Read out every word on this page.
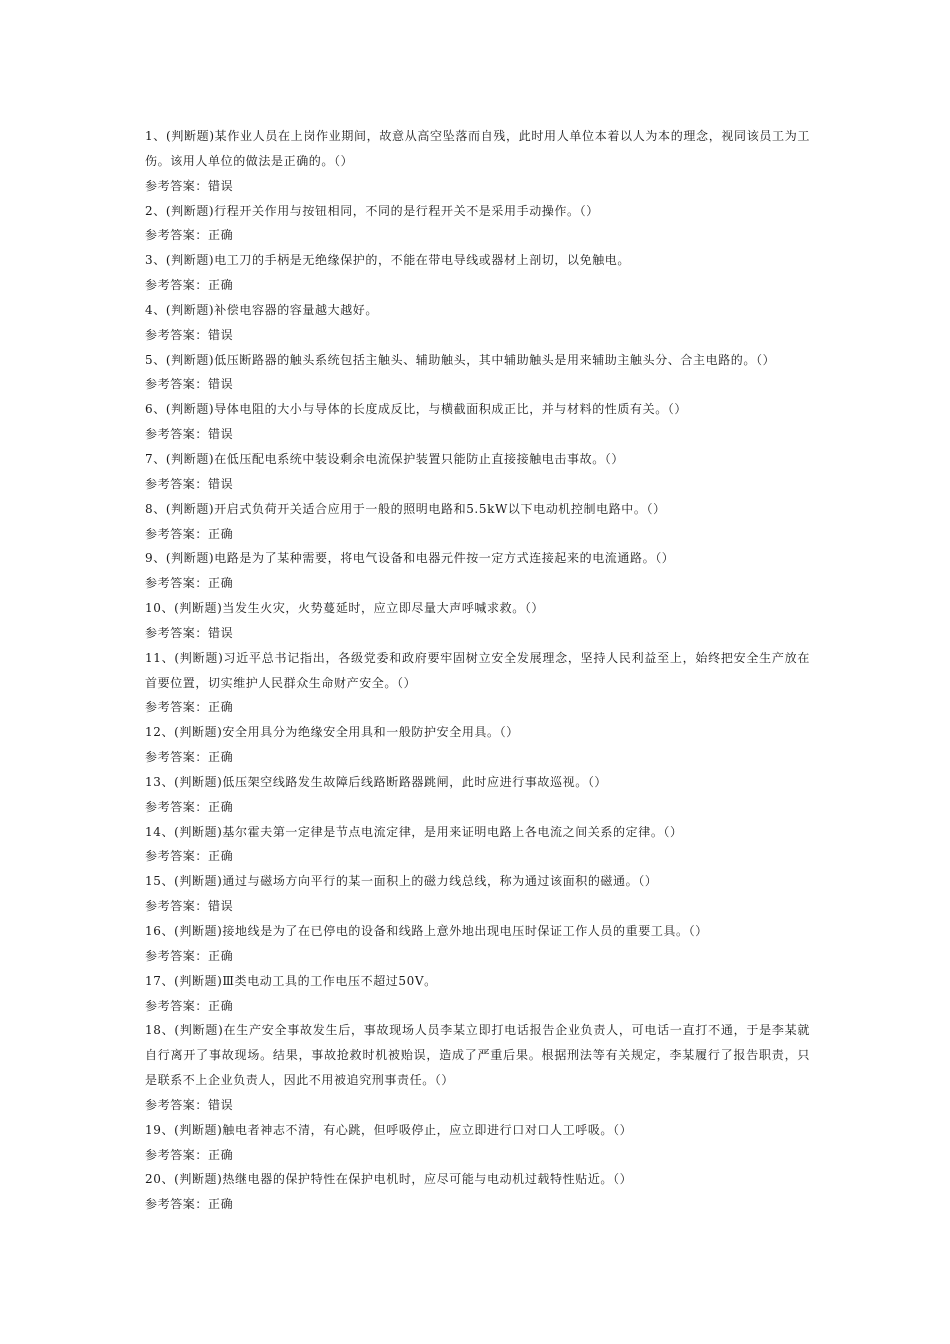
1、(判断题)某作业人员在上岗作业期间，故意从高空坠落而自残，此时用人单位本着以人为本的理念，视同该员工为工伤。该用人单位的做法是正确的。（）

参考答案：错误

2、(判断题)行程开关作用与按钮相同，不同的是行程开关不是采用手动操作。（）

参考答案：正确

3、(判断题)电工刀的手柄是无绝缘保护的，不能在带电导线或器材上剖切，以免触电。

参考答案：正确

4、(判断题)补偿电容器的容量越大越好。

参考答案：错误

5、(判断题)低压断路器的触头系统包括主触头、辅助触头，其中辅助触头是用来辅助主触头分、合主电路的。（）

参考答案：错误

6、(判断题)导体电阻的大小与导体的长度成反比，与横截面积成正比，并与材料的性质有关。（）

参考答案：错误

7、(判断题)在低压配电系统中装设剩余电流保护装置只能防止直接接触电击事故。（）

参考答案：错误

8、(判断题)开启式负荷开关适合应用于一般的照明电路和5.5kW以下电动机控制电路中。（）

参考答案：正确

9、(判断题)电路是为了某种需要，将电气设备和电器元件按一定方式连接起来的电流通路。（）

参考答案：正确

10、(判断题)当发生火灾，火势蔓延时，应立即尽量大声呼喊求救。（）

参考答案：错误

11、(判断题)习近平总书记指出，各级党委和政府要牢固树立安全发展理念，坚持人民利益至上，始终把安全生产放在首要位置，切实维护人民群众生命财产安全。（）

参考答案：正确

12、(判断题)安全用具分为绝缘安全用具和一般防护安全用具。（）

参考答案：正确

13、(判断题)低压架空线路发生故障后线路断路器跳闸，此时应进行事故巡视。（）

参考答案：正确

14、(判断题)基尔霍夫第一定律是节点电流定律，是用来证明电路上各电流之间关系的定律。（）

参考答案：正确

15、(判断题)通过与磁场方向平行的某一面积上的磁力线总线，称为通过该面积的磁通。（）

参考答案：错误

16、(判断题)接地线是为了在已停电的设备和线路上意外地出现电压时保证工作人员的重要工具。（）

参考答案：正确

17、(判断题)Ⅲ类电动工具的工作电压不超过50V。

参考答案：正确

18、(判断题)在生产安全事故发生后，事故现场人员李某立即打电话报告企业负责人，可电话一直打不通，于是李某就自行离开了事故现场。结果，事故抢救时机被贻误，造成了严重后果。根据刑法等有关规定，李某履行了报告职责，只是联系不上企业负责人，因此不用被追究刑事责任。（）

参考答案：错误

19、(判断题)触电者神志不清，有心跳，但呼吸停止，应立即进行口对口人工呼吸。（）

参考答案：正确

20、(判断题)热继电器的保护特性在保护电机时，应尽可能与电动机过载特性贴近。（）

参考答案：正确
